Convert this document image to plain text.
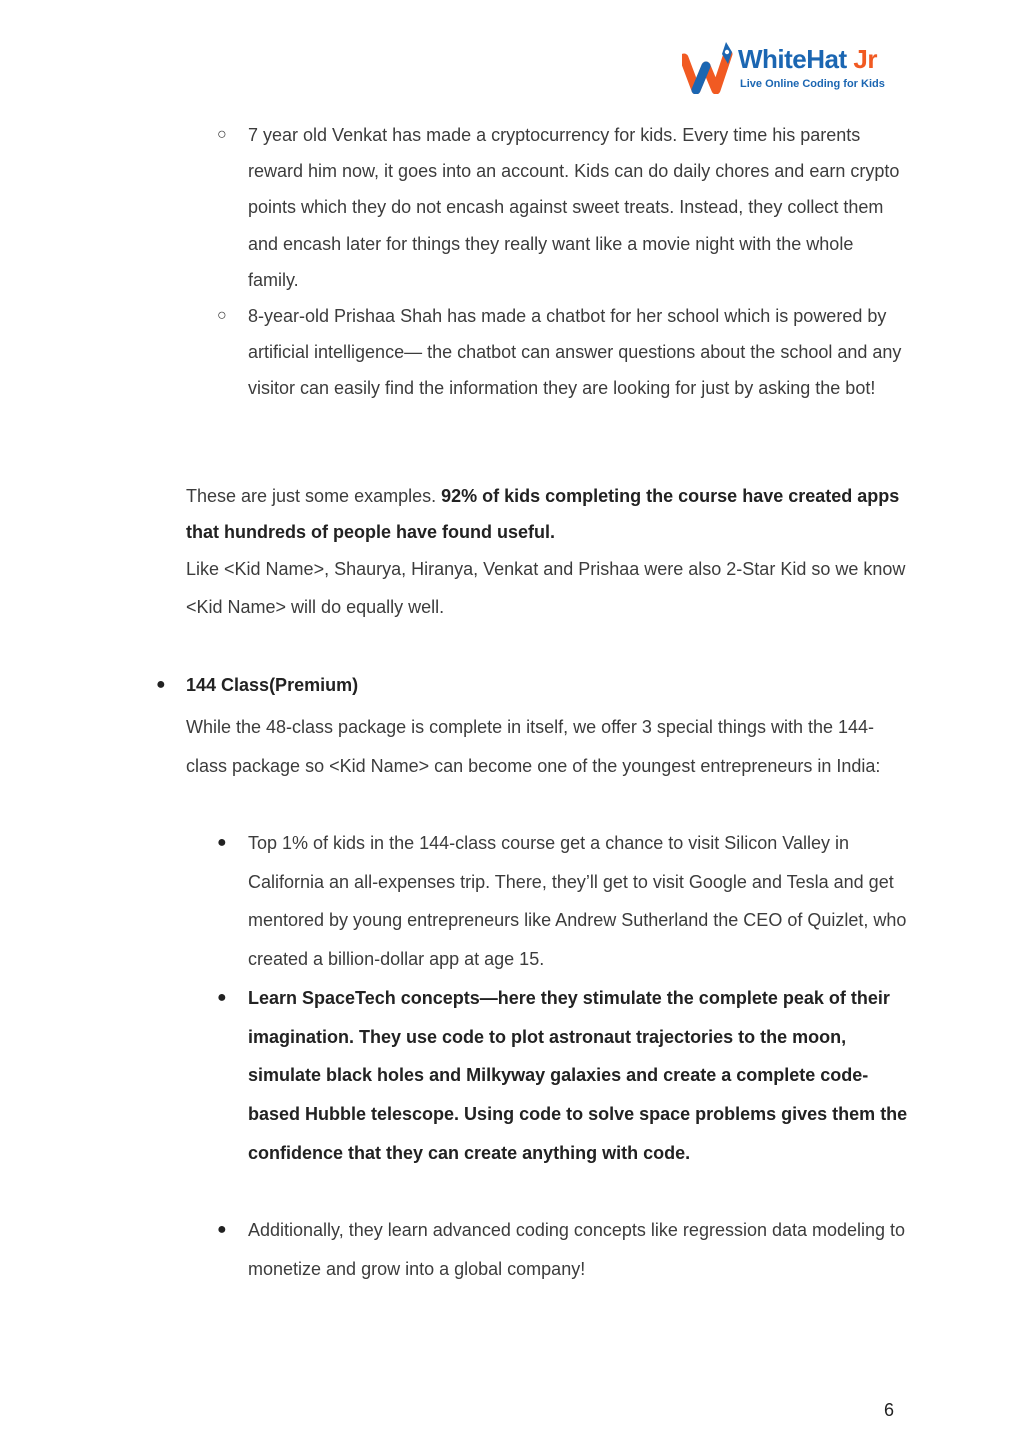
WhiteHat Jr
Live Online Coding for Kids
○ 7 year old Venkat has made a cryptocurrency for kids. Every time his parents reward him now, it goes into an account. Kids can do daily chores and earn crypto points which they do not encash against sweet treats. Instead, they collect them and encash later for things they really want like a movie night with the whole family.
○ 8-year-old Prishaa Shah has made a chatbot for her school which is powered by artificial intelligence— the chatbot can answer questions about the school and any visitor can easily find the information they are looking for just by asking the bot!
These are just some examples. 92% of kids completing the course have created apps that hundreds of people have found useful.
Like <Kid Name>, Shaurya, Hiranya, Venkat and Prishaa were also 2-Star Kid so we know <Kid Name> will do equally well.
● 144 Class(Premium)
While the 48-class package is complete in itself, we offer 3 special things with the 144-class package so <Kid Name> can become one of the youngest entrepreneurs in India:
● Top 1% of kids in the 144-class course get a chance to visit Silicon Valley in California an all-expenses trip. There, they’ll get to visit Google and Tesla and get mentored by young entrepreneurs like Andrew Sutherland the CEO of Quizlet, who created a billion-dollar app at age 15.
● Learn SpaceTech concepts—here they stimulate the complete peak of their imagination. They use code to plot astronaut trajectories to the moon, simulate black holes and Milkyway galaxies and create a complete code-based Hubble telescope. Using code to solve space problems gives them the confidence that they can create anything with code.
● Additionally, they learn advanced coding concepts like regression data modeling to monetize and grow into a global company!
6
